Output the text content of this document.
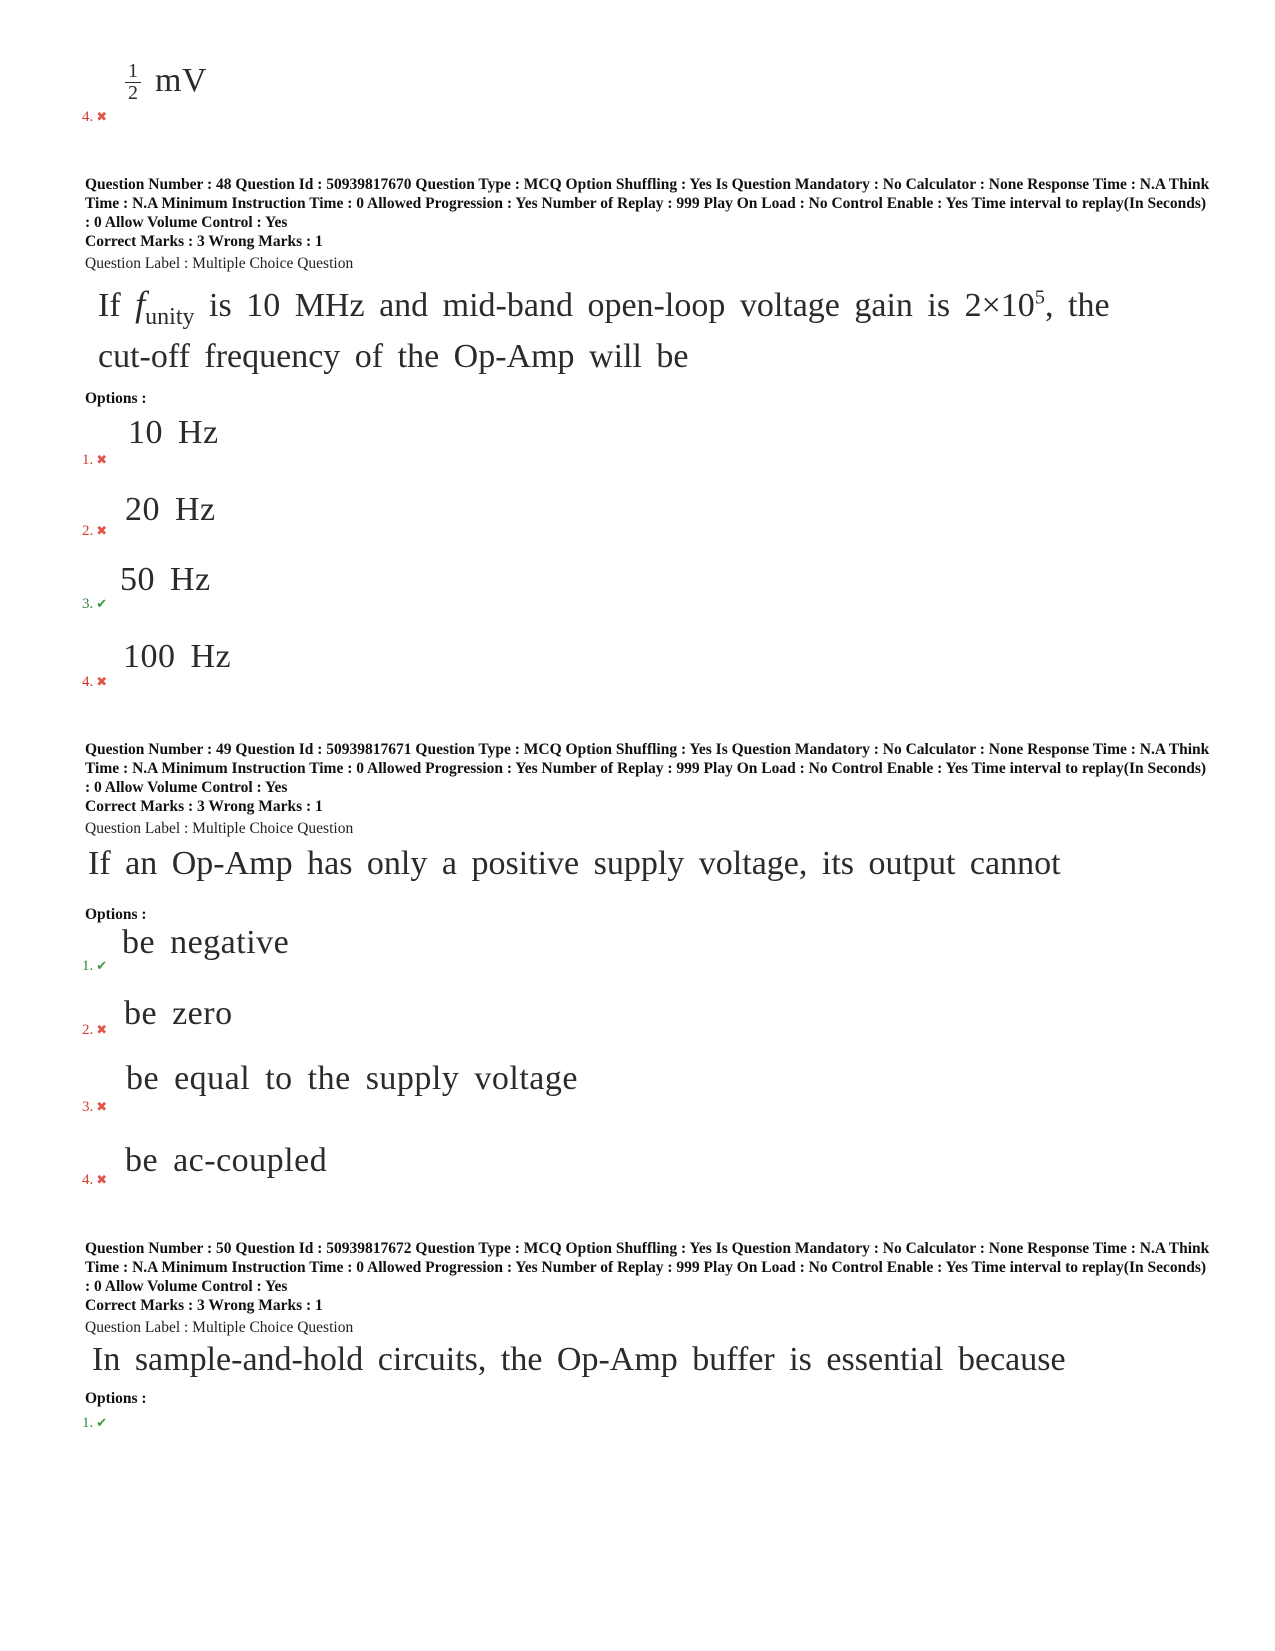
1
2 mV
4. ✖
Question Number : 48 Question Id : 50939817670 Question Type : MCQ Option Shuffling : Yes Is Question Mandatory : No Calculator : None Response Time : N.A Think Time : N.A Minimum Instruction Time : 0 Allowed Progression : Yes Number of Replay : 999 Play On Load : No Control Enable : Yes Time interval to replay(In Seconds) : 0 Allow Volume Control : Yes
Correct Marks : 3 Wrong Marks : 1
Question Label : Multiple Choice Question
If $f_{unity}$ is 10 MHz and mid-band open-loop voltage gain is $2\times 10^5$, the
cut-off frequency of the Op-Amp will be
Options :
10 Hz
1. ✖
20 Hz
2. ✖
50 Hz
3. ✔
100 Hz
4. ✖
Question Number : 49 Question Id : 50939817671 Question Type : MCQ Option Shuffling : Yes Is Question Mandatory : No Calculator : None Response Time : N.A Think Time : N.A Minimum Instruction Time : 0 Allowed Progression : Yes Number of Replay : 999 Play On Load : No Control Enable : Yes Time interval to replay(In Seconds) : 0 Allow Volume Control : Yes
Correct Marks : 3 Wrong Marks : 1
Question Label : Multiple Choice Question
If an Op-Amp has only a positive supply voltage, its output cannot
Options :
be negative
1. ✔
be zero
2. ✖
be equal to the supply voltage
3. ✖
be ac-coupled
4. ✖
Question Number : 50 Question Id : 50939817672 Question Type : MCQ Option Shuffling : Yes Is Question Mandatory : No Calculator : None Response Time : N.A Think Time : N.A Minimum Instruction Time : 0 Allowed Progression : Yes Number of Replay : 999 Play On Load : No Control Enable : Yes Time interval to replay(In Seconds) : 0 Allow Volume Control : Yes
Correct Marks : 3 Wrong Marks : 1
Question Label : Multiple Choice Question
In sample-and-hold circuits, the Op-Amp buffer is essential because
Options :
1. ✔
